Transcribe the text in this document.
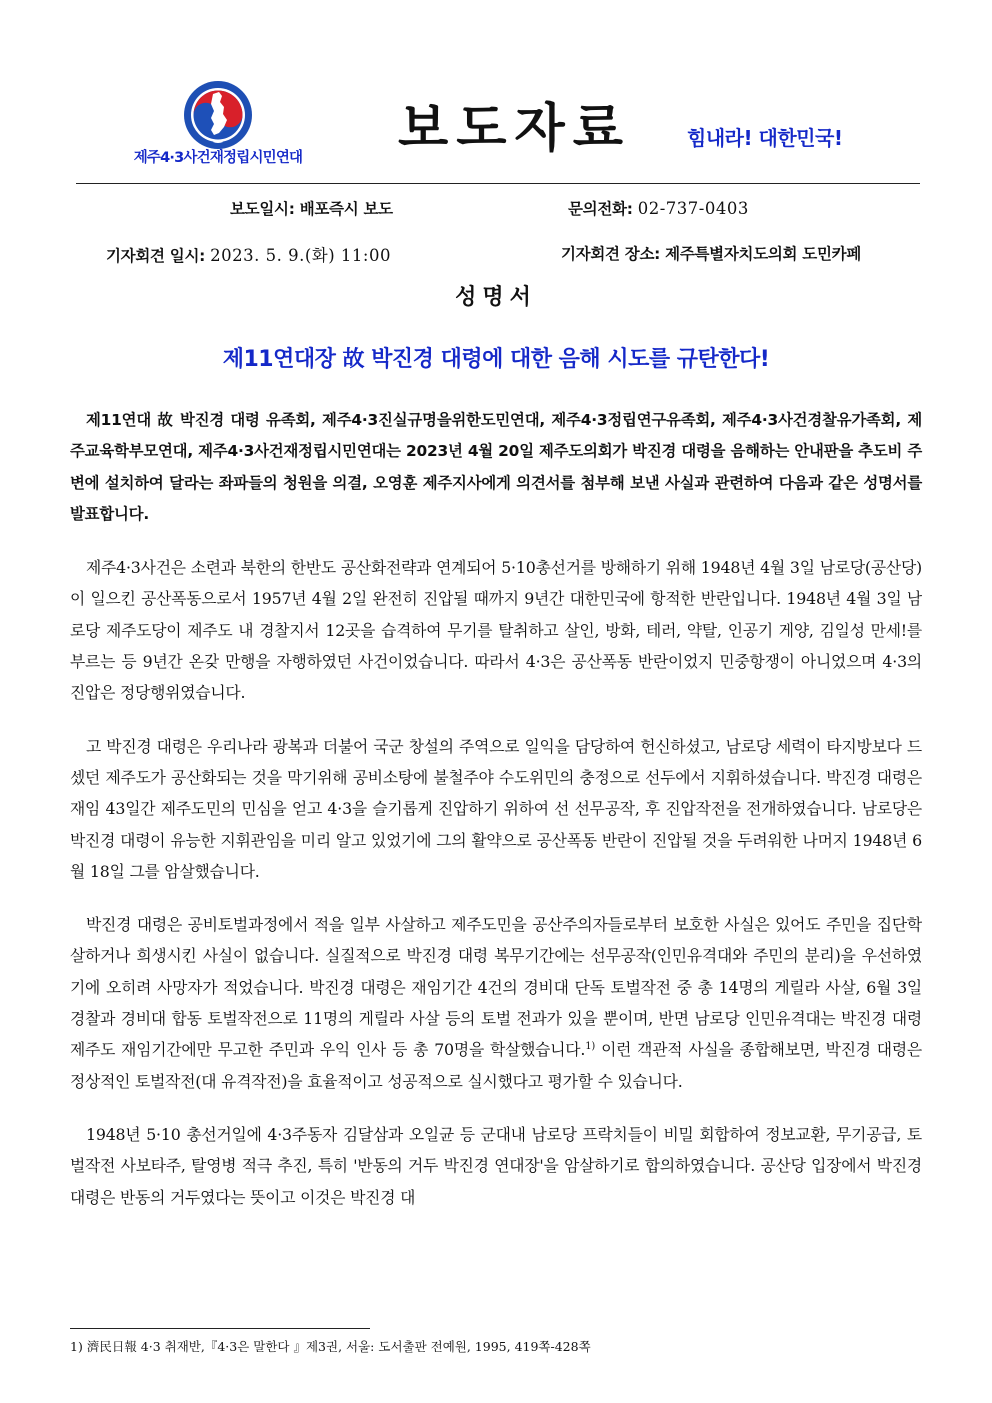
제주4·3사건재정립시민연대	보도자료	힘내라! 대한민국!
보도일시: 배포즉시 보도	문의전화: 02-737-0403
기자회견 일시: 2023. 5. 9.(화) 11:00	기자회견 장소: 제주특별자치도의회 도민카페
성명서
제11연대장 故 박진경 대령에 대한 음해 시도를 규탄한다!

제11연대 故 박진경 대령 유족회, 제주4·3진실규명을위한도민연대, 제주4·3정립연구유족회, 제주4·3사건경찰유가족회, 제주교육학부모연대, 제주4·3사건재정립시민연대는 2023년 4월 20일 제주도의회가 박진경 대령을 음해하는 안내판을 추도비 주변에 설치하여 달라는 좌파들의 청원을 의결, 오영훈 제주지사에게 의견서를 첨부해 보낸 사실과 관련하여 다음과 같은 성명서를 발표합니다.

제주4·3사건은 소련과 북한의 한반도 공산화전략과 연계되어 5·10총선거를 방해하기 위해 1948년 4월 3일 남로당(공산당)이 일으킨 공산폭동으로서 1957년 4월 2일 완전히 진압될 때까지 9년간 대한민국에 항적한 반란입니다. 1948년 4월 3일 남로당 제주도당이 제주도 내 경찰지서 12곳을 습격하여 무기를 탈취하고 살인, 방화, 테러, 약탈, 인공기 게양, 김일성 만세!를 부르는 등 9년간 온갖 만행을 자행하였던 사건이었습니다. 따라서 4·3은 공산폭동 반란이었지 민중항쟁이 아니었으며 4·3의 진압은 정당행위였습니다.

고 박진경 대령은 우리나라 광복과 더불어 국군 창설의 주역으로 일익을 담당하여 헌신하셨고, 남로당 세력이 타지방보다 드셌던 제주도가 공산화되는 것을 막기위해 공비소탕에 불철주야 수도위민의 충정으로 선두에서 지휘하셨습니다. 박진경 대령은 재임 43일간 제주도민의 민심을 얻고 4·3을 슬기롭게 진압하기 위하여 선 선무공작, 후 진압작전을 전개하였습니다. 남로당은 박진경 대령이 유능한 지휘관임을 미리 알고 있었기에 그의 활약으로 공산폭동 반란이 진압될 것을 두려워한 나머지 1948년 6월 18일 그를 암살했습니다.

박진경 대령은 공비토벌과정에서 적을 일부 사살하고 제주도민을 공산주의자들로부터 보호한 사실은 있어도 주민을 집단학살하거나 희생시킨 사실이 없습니다. 실질적으로 박진경 대령 복무기간에는 선무공작(인민유격대와 주민의 분리)을 우선하였기에 오히려 사망자가 적었습니다. 박진경 대령은 재임기간 4건의 경비대 단독 토벌작전 중 총 14명의 게릴라 사살, 6월 3일 경찰과 경비대 합동 토벌작전으로 11명의 게릴라 사살 등의 토벌 전과가 있을 뿐이며, 반면 남로당 인민유격대는 박진경 대령 제주도 재임기간에만 무고한 주민과 우익 인사 등 총 70명을 학살했습니다.$^{1)}$ 이런 객관적 사실을 종합해보면, 박진경 대령은 정상적인 토벌작전(대 유격작전)을 효율적이고 성공적으로 실시했다고 평가할 수 있습니다.

1948년 5·10 총선거일에 4·3주동자 김달삼과 오일균 등 군대내 남로당 프락치들이 비밀 회합하여 정보교환, 무기공급, 토벌작전 사보타주, 탈영병 적극 추진, 특히 '반동의 거두 박진경 연대장'을 암살하기로 합의하였습니다. 공산당 입장에서 박진경 대령은 반동의 거두였다는 뜻이고 이것은 박진경 대

1) 濟民日報 4·3 취재반,『4·3은 말한다 』제3권, 서울: 도서출판 전예원, 1995, 419쪽-428쪽
